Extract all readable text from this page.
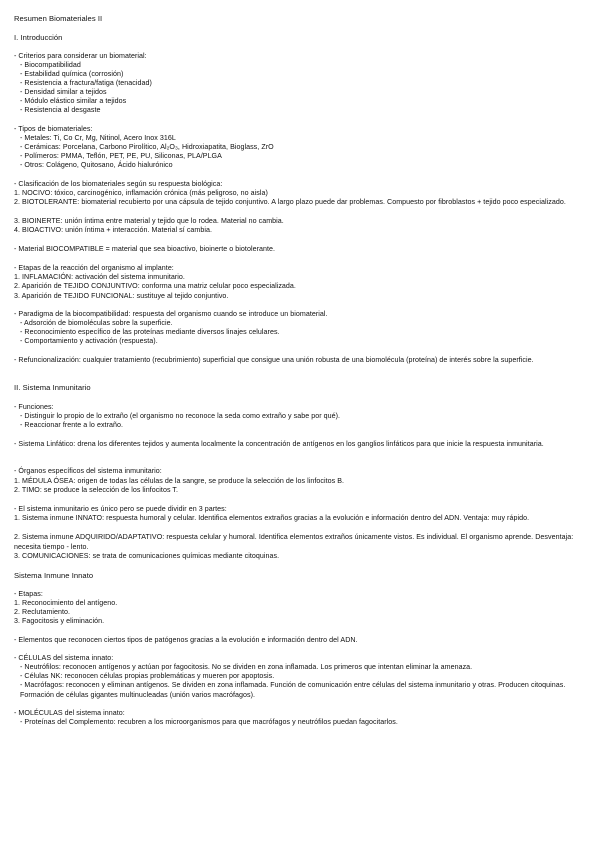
Resumen Biomateriales II
I. Introducción
- Criterios para considerar un biomaterial:
- Biocompatibilidad
- Estabilidad química (corrosión)
- Resistencia a fractura/fatiga (tenacidad)
- Densidad similar a tejidos
- Módulo elástico similar a tejidos
- Resistencia al desgaste
- Tipos de biomateriales:
- Metales: Ti, Co Cr, Mg, Nitinol, Acero Inox 316L
- Cerámicas: Porcelana, Carbono Pirolítico, Al₂O₃, Hidroxiapatita, Bioglass, ZrO
- Polímeros: PMMA, Teflón, PET, PE, PU, Siliconas, PLA/PLGA
- Otros: Colágeno, Quitosano, Ácido hialurónico
- Clasificación de los biomateriales según su respuesta biológica:
1. NOCIVO: tóxico, carcinogénico, inflamación crónica (más peligroso, no aisla)
2. BIOTOLERANTE: biomaterial recubierto por una cápsula de tejido conjuntivo. A largo plazo puede dar problemas. Compuesto por fibroblastos + tejido poco especializado.
3. BIOINERTE: unión íntima entre material y tejido que lo rodea. Material no cambia.
4. BIOACTIVO: unión íntima + interacción. Material sí cambia.
- Material BIOCOMPATIBLE = material que sea bioactivo, bioinerte o biotolerante.
- Etapas de la reacción del organismo al implante:
1. INFLAMACIÓN: activación del sistema inmunitario.
2. Aparición de TEJIDO CONJUNTIVO: conforma una matriz celular poco especializada.
3. Aparición de TEJIDO FUNCIONAL: sustituye al tejido conjuntivo.
- Paradigma de la biocompatibilidad: respuesta del organismo cuando se introduce un biomaterial.
- Adsorción de biomoléculas sobre la superficie.
- Reconocimiento específico de las proteínas mediante diversos linajes celulares.
- Comportamiento y activación (respuesta).
- Refuncionalización: cualquier tratamiento (recubrimiento) superficial que consigue una unión robusta de una biomolécula (proteína) de interés sobre la superficie.
II. Sistema Inmunitario
- Funciones:
- Distinguir lo propio de lo extraño (el organismo no reconoce la seda como extraño y sabe por qué).
- Reaccionar frente a lo extraño.
- Sistema Linfático: drena los diferentes tejidos y aumenta localmente la concentración de antígenos en los ganglios linfáticos para que inicie la respuesta inmunitaria.
- Órganos específicos del sistema inmunitario:
1. MÉDULA ÓSEA: origen de todas las células de la sangre, se produce la selección de los linfocitos B.
2. TIMO: se produce la selección de los linfocitos T.
- El sistema inmunitario es único pero se puede dividir en 3 partes:
1. Sistema inmune INNATO: respuesta humoral y celular. Identifica elementos extraños gracias a la evolución e información dentro del ADN. Ventaja: muy rápido.
2. Sistema inmune ADQUIRIDO/ADAPTATIVO: respuesta celular y humoral. Identifica elementos extraños únicamente vistos. Es individual. El organismo aprende. Desventaja: necesita tiempo - lento.
3. COMUNICACIONES: se trata de comunicaciones químicas mediante citoquinas.
Sistema Inmune Innato
- Etapas:
1. Reconocimiento del antígeno.
2. Reclutamiento.
3. Fagocitosis y eliminación.
- Elementos que reconocen ciertos tipos de patógenos gracias a la evolución e información dentro del ADN.
- CÉLULAS del sistema innato:
- Neutrófilos: reconocen antígenos y actúan por fagocitosis. No se dividen en zona inflamada. Los primeros que intentan eliminar la amenaza.
- Células NK: reconocen células propias problemáticas y mueren por apoptosis.
- Macrófagos: reconocen y eliminan antígenos. Se dividen en zona inflamada. Función de comunicación entre células del sistema inmunitario y otras. Producen citoquinas. Formación de células gigantes multinucleadas (unión varios macrófagos).
- MOLÉCULAS del sistema innato:
- Proteínas del Complemento: recubren a los microorganismos para que macrófagos y neutrófilos puedan fagocitarlos.
